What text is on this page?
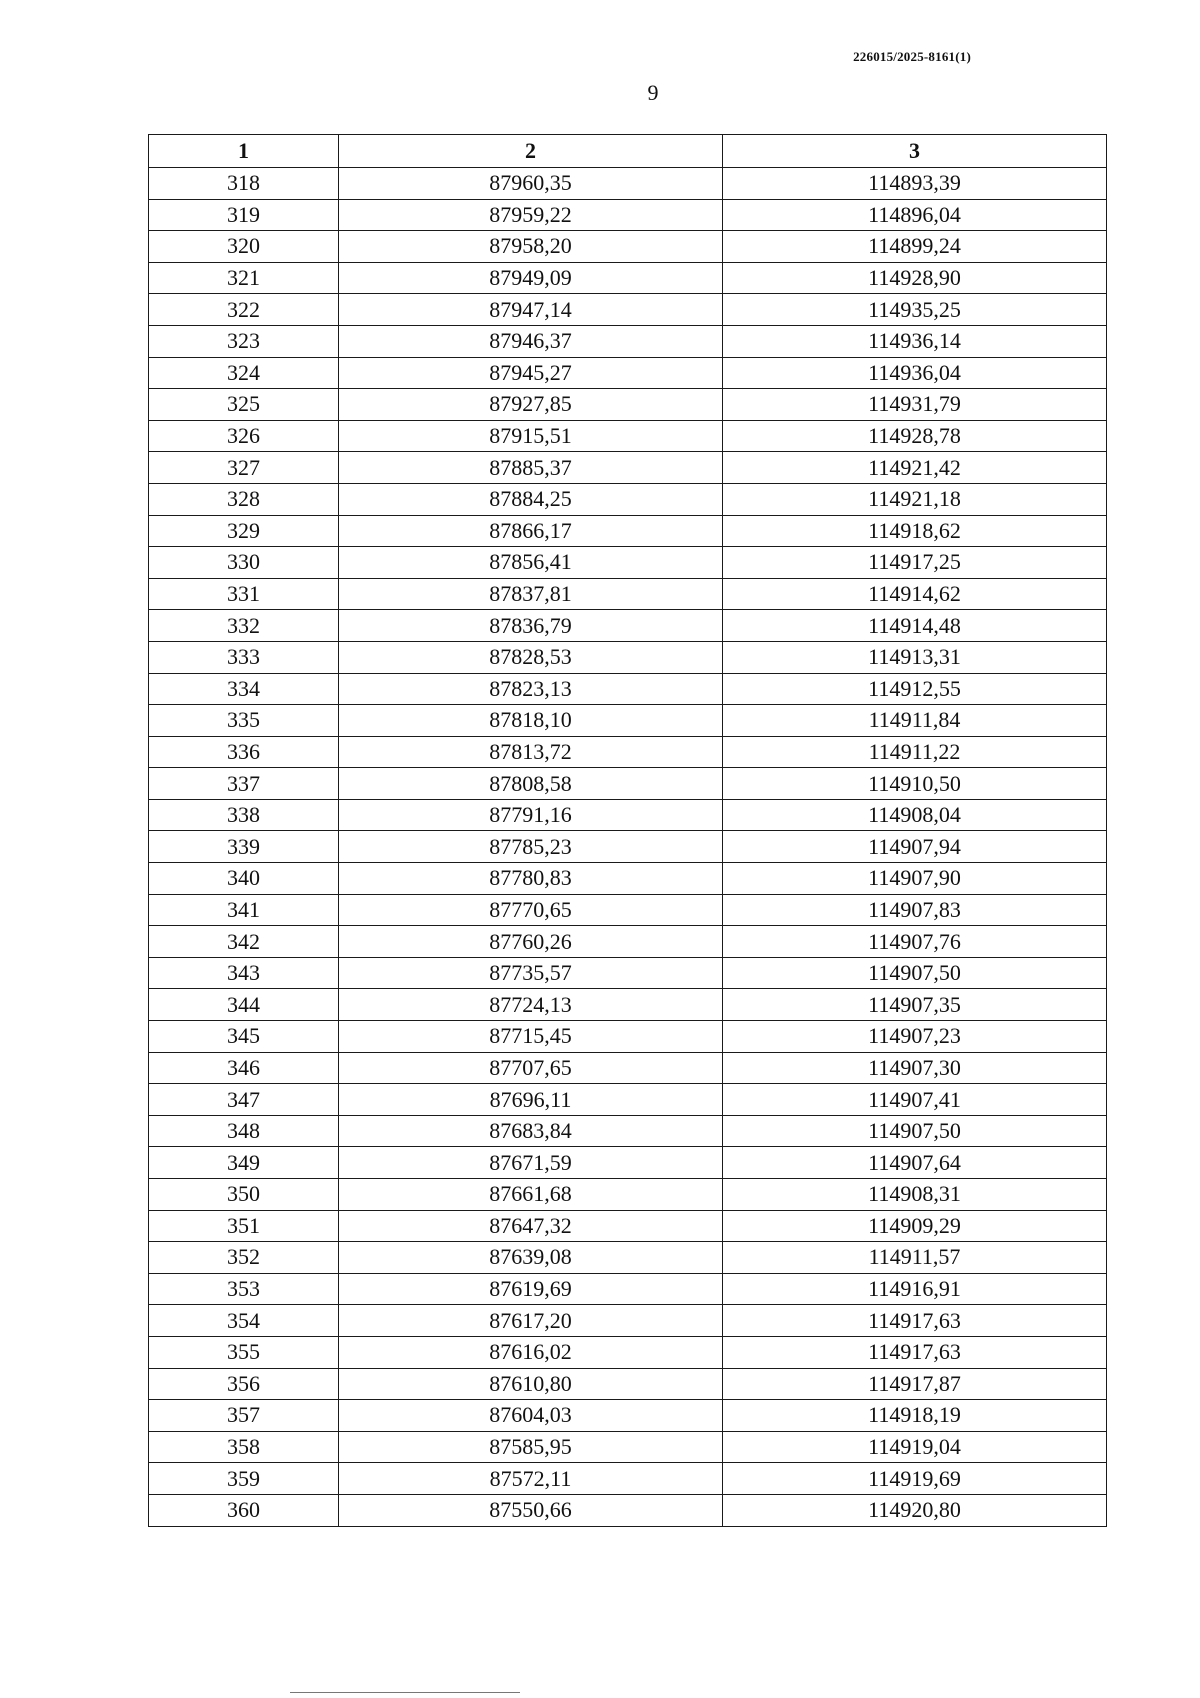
226015/2025-8161(1)
9
1	2	3
318	87960,35	114893,39
319	87959,22	114896,04
320	87958,20	114899,24
321	87949,09	114928,90
322	87947,14	114935,25
323	87946,37	114936,14
324	87945,27	114936,04
325	87927,85	114931,79
326	87915,51	114928,78
327	87885,37	114921,42
328	87884,25	114921,18
329	87866,17	114918,62
330	87856,41	114917,25
331	87837,81	114914,62
332	87836,79	114914,48
333	87828,53	114913,31
334	87823,13	114912,55
335	87818,10	114911,84
336	87813,72	114911,22
337	87808,58	114910,50
338	87791,16	114908,04
339	87785,23	114907,94
340	87780,83	114907,90
341	87770,65	114907,83
342	87760,26	114907,76
343	87735,57	114907,50
344	87724,13	114907,35
345	87715,45	114907,23
346	87707,65	114907,30
347	87696,11	114907,41
348	87683,84	114907,50
349	87671,59	114907,64
350	87661,68	114908,31
351	87647,32	114909,29
352	87639,08	114911,57
353	87619,69	114916,91
354	87617,20	114917,63
355	87616,02	114917,63
356	87610,80	114917,87
357	87604,03	114918,19
358	87585,95	114919,04
359	87572,11	114919,69
360	87550,66	114920,80
